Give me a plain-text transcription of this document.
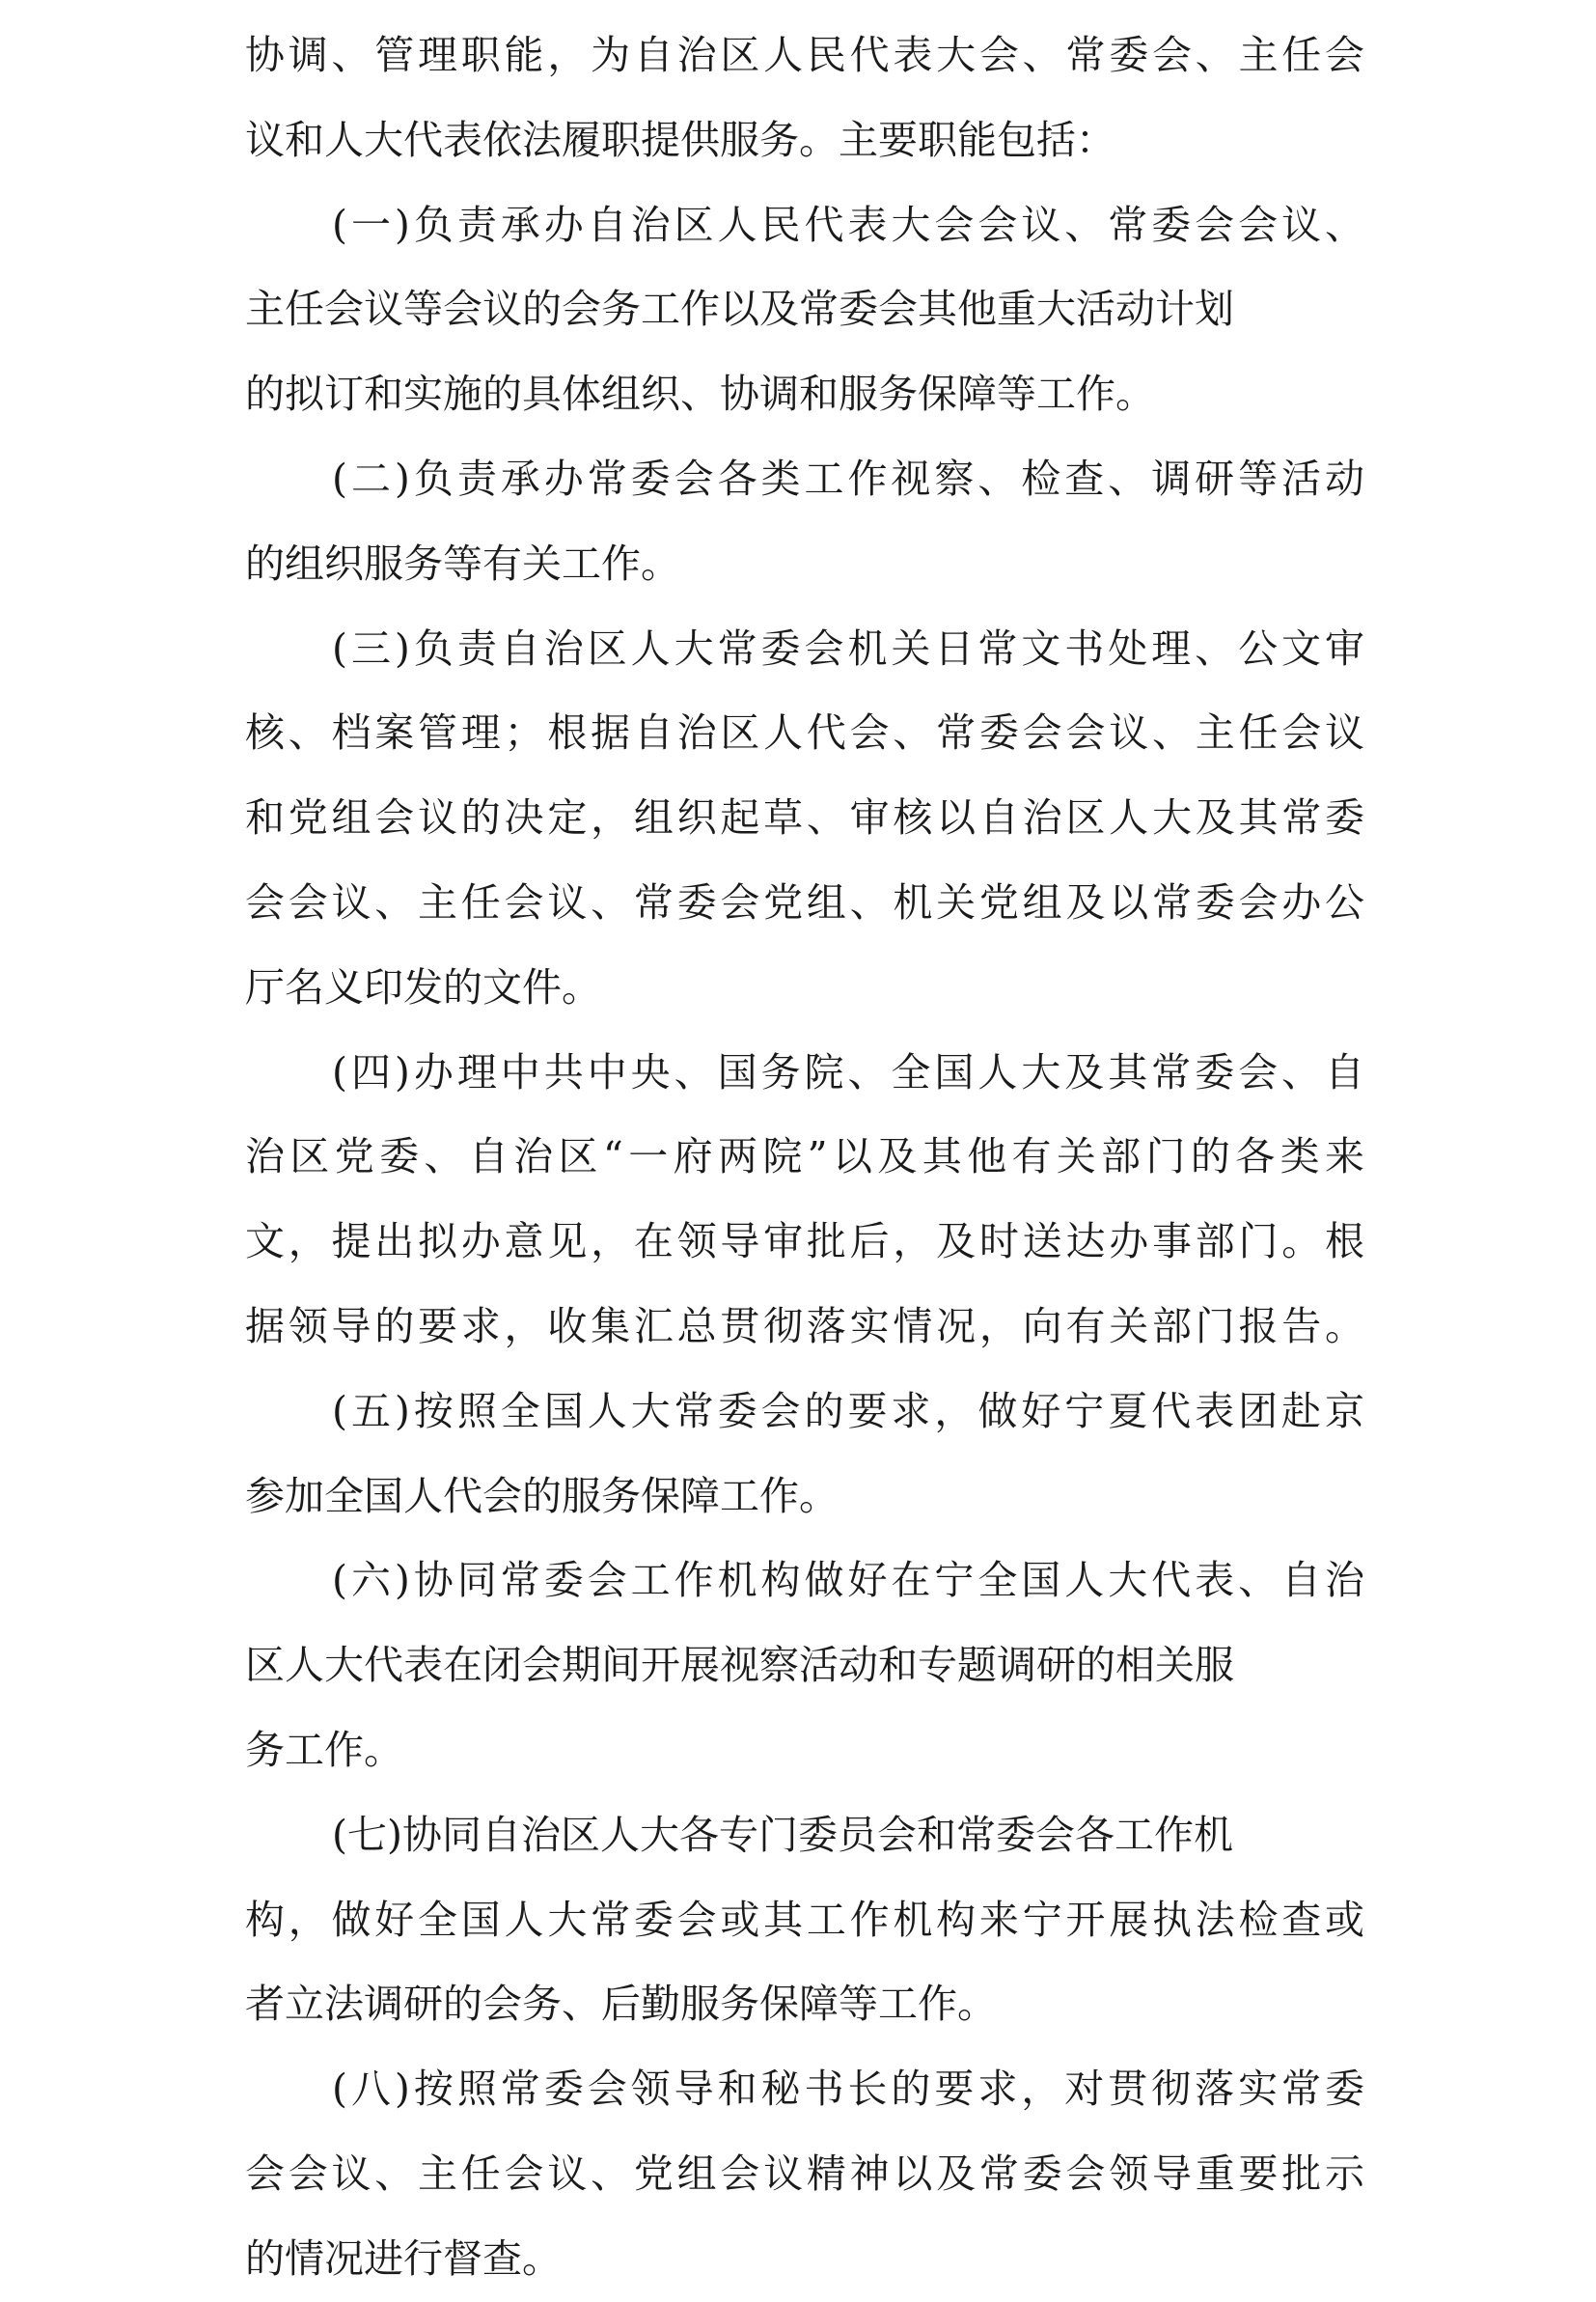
协调、管理职能，为自治区人民代表大会、常委会、主任会
议和人大代表依法履职提供服务。主要职能包括：
(一)负责承办自治区人民代表大会会议、常委会会议、
主任会议等会议的会务工作以及常委会其他重大活动计划
的拟订和实施的具体组织、协调和服务保障等工作。
(二)负责承办常委会各类工作视察、检查、调研等活动
的组织服务等有关工作。
(三)负责自治区人大常委会机关日常文书处理、公文审
核、档案管理；根据自治区人代会、常委会会议、主任会议
和党组会议的决定，组织起草、审核以自治区人大及其常委
会会议、主任会议、常委会党组、机关党组及以常委会办公
厅名义印发的文件。
(四)办理中共中央、国务院、全国人大及其常委会、自
治区党委、自治区“一府两院”以及其他有关部门的各类来
文，提出拟办意见，在领导审批后，及时送达办事部门。根
据领导的要求，收集汇总贯彻落实情况，向有关部门报告。
(五)按照全国人大常委会的要求，做好宁夏代表团赴京
参加全国人代会的服务保障工作。
(六)协同常委会工作机构做好在宁全国人大代表、自治
区人大代表在闭会期间开展视察活动和专题调研的相关服
务工作。
(七)协同自治区人大各专门委员会和常委会各工作机
构，做好全国人大常委会或其工作机构来宁开展执法检查或
者立法调研的会务、后勤服务保障等工作。
(八)按照常委会领导和秘书长的要求，对贯彻落实常委
会会议、主任会议、党组会议精神以及常委会领导重要批示
的情况进行督查。
